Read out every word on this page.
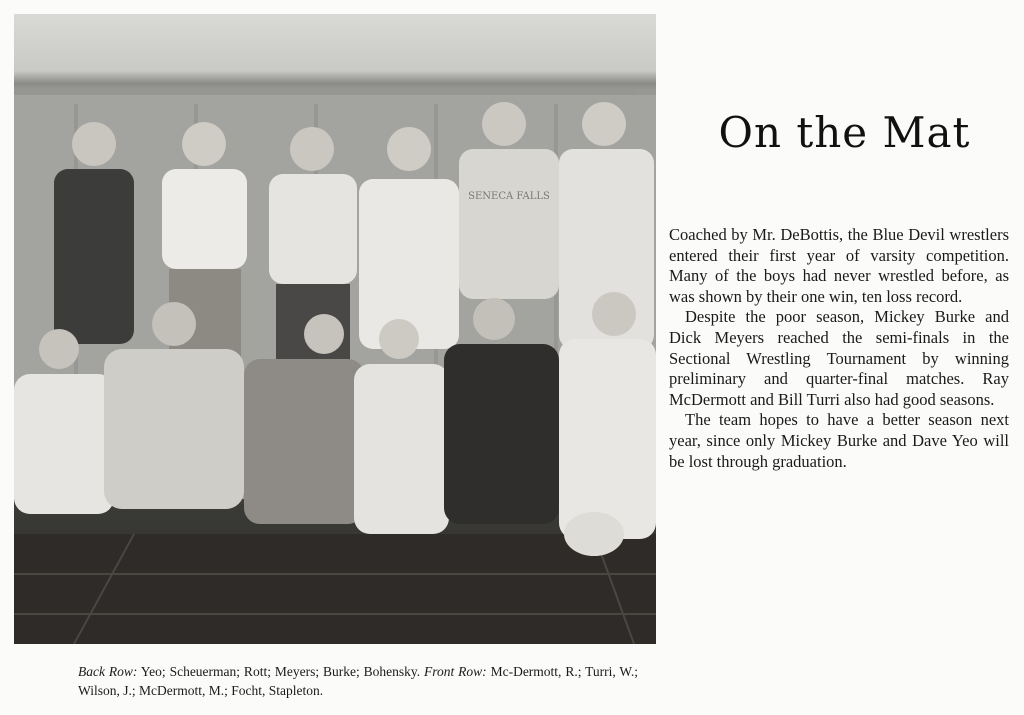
SENECA FALLS
On the Mat

Coached by Mr. DeBottis, the Blue Devil wrestlers entered their first year of varsity competition. Many of the boys had never wrestled before, as was shown by their one win, ten loss record.

Despite the poor season, Mickey Burke and Dick Meyers reached the semi-finals in the Sectional Wrestling Tournament by winning preliminary and quarter-final matches. Ray McDermott and Bill Turri also had good seasons.

The team hopes to have a better season next year, since only Mickey Burke and Dave Yeo will be lost through graduation.

Back Row: Yeo; Scheuerman; Rott; Meyers; Burke; Bohensky. Front Row: Mc-Dermott, R.; Turri, W.; Wilson, J.; McDermott, M.; Focht, Stapleton.
